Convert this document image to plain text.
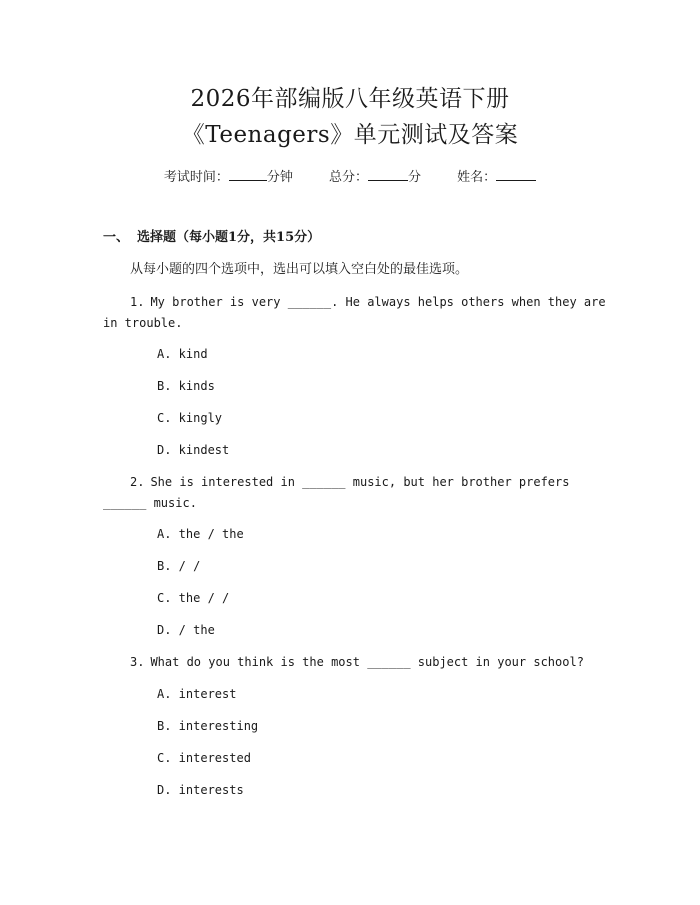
2026年部编版八年级英语下册
《Teenagers》单元测试及答案
考试时间：	分钟	总分：	分	姓名：
一、 选择题（每小题1分，共15分）
从每小题的四个选项中，选出可以填入空白处的最佳选项。
1. My brother is very ______. He always helps others when they are
in trouble.
A. kind
B. kinds
C. kingly
D. kindest
2. She is interested in ______ music, but her brother prefers
______ music.
A. the / the
B. / /
C. the / /
D. / the
3. What do you think is the most ______ subject in your school?
A. interest
B. interesting
C. interested
D. interests
